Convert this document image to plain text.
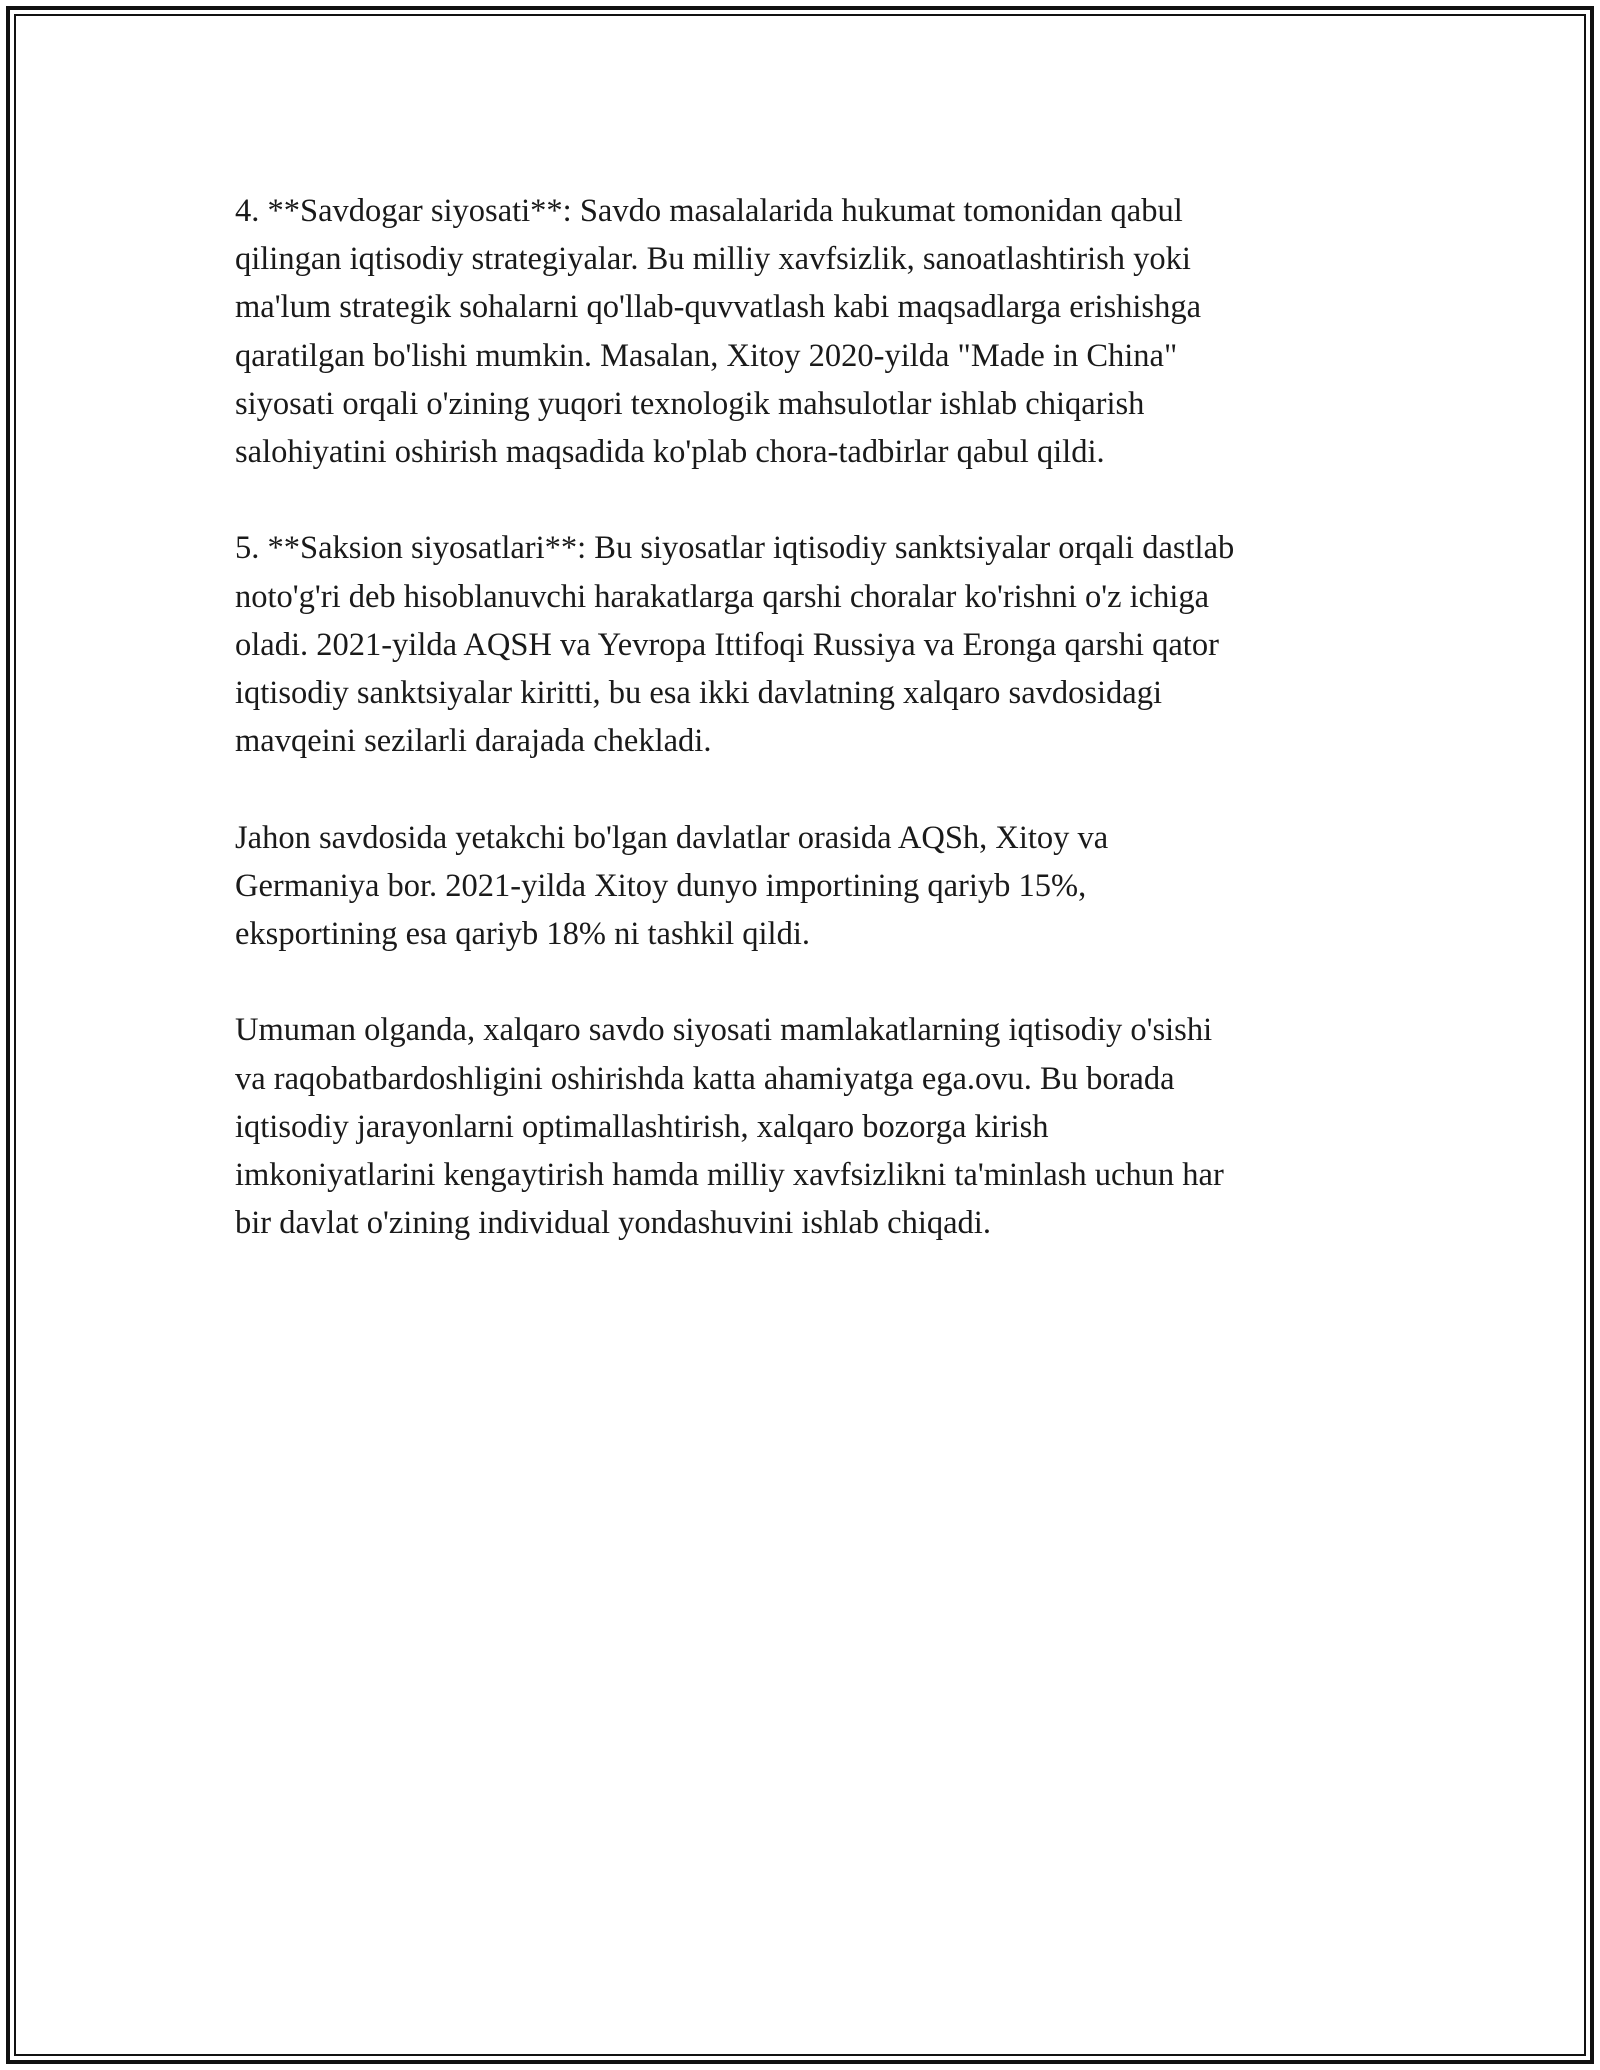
4. **Savdogar siyosati**: Savdo masalalarida hukumat tomonidan qabul
qilingan iqtisodiy strategiyalar. Bu milliy xavfsizlik, sanoatlashtirish yoki
ma'lum strategik sohalarni qo'llab-quvvatlash kabi maqsadlarga erishishga
qaratilgan bo'lishi mumkin. Masalan, Xitoy 2020-yilda "Made in China"
siyosati orqali o'zining yuqori texnologik mahsulotlar ishlab chiqarish
salohiyatini oshirish maqsadida ko'plab chora-tadbirlar qabul qildi.

5. **Saksion siyosatlari**: Bu siyosatlar iqtisodiy sanktsiyalar orqali dastlab
noto'g'ri deb hisoblanuvchi harakatlarga qarshi choralar ko'rishni o'z ichiga
oladi. 2021-yilda AQSH va Yevropa Ittifoqi Russiya va Eronga qarshi qator
iqtisodiy sanktsiyalar kiritti, bu esa ikki davlatning xalqaro savdosidagi
mavqeini sezilarli darajada chekladi.

Jahon savdosida yetakchi bo'lgan davlatlar orasida AQSh, Xitoy va
Germaniya bor. 2021-yilda Xitoy dunyo importining qariyb 15%,
eksportining esa qariyb 18% ni tashkil qildi.

Umuman olganda, xalqaro savdo siyosati mamlakatlarning iqtisodiy o'sishi
va raqobatbardoshligini oshirishda katta ahamiyatga ega.ovu. Bu borada
iqtisodiy jarayonlarni optimallashtirish, xalqaro bozorga kirish
imkoniyatlarini kengaytirish hamda milliy xavfsizlikni ta'minlash uchun har
bir davlat o'zining individual yondashuvini ishlab chiqadi.
